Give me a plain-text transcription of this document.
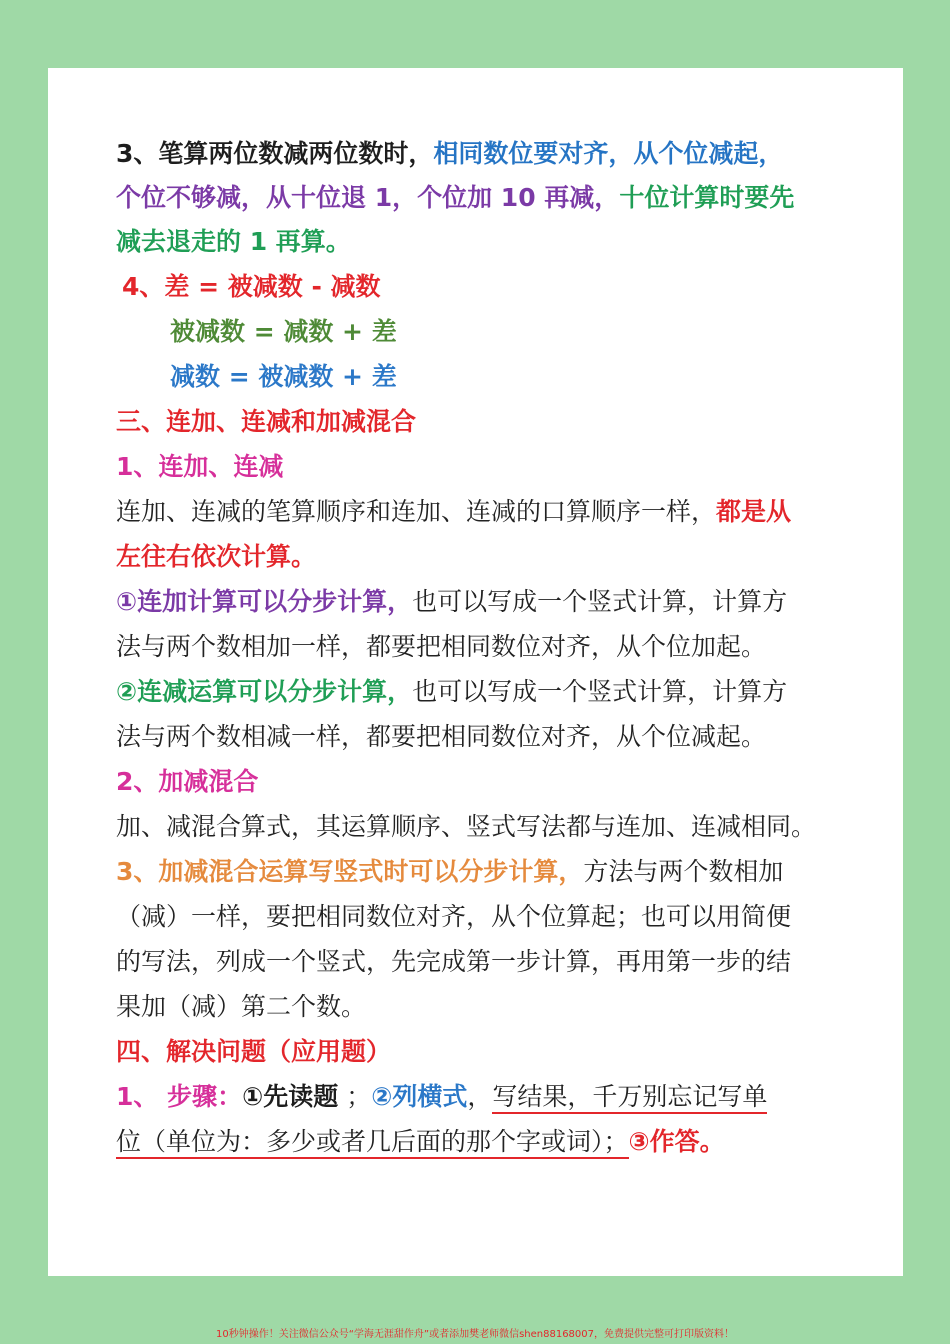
3、笔算两位数减两位数时，相同数位要对齐，从个位减起，
个位不够减，从十位退 1，个位加 10 再减，十位计算时要先
减去退走的 1 再算。
4、差 = 被减数 - 减数
被减数 = 减数 + 差
减数 = 被减数 + 差
三、连加、连减和加减混合
1、连加、连减
连加、连减的笔算顺序和连加、连减的口算顺序一样，都是从
左往右依次计算。
①连加计算可以分步计算，也可以写成一个竖式计算，计算方
法与两个数相加一样，都要把相同数位对齐，从个位加起。
②连减运算可以分步计算，也可以写成一个竖式计算，计算方
法与两个数相减一样，都要把相同数位对齐，从个位减起。
2、加减混合
加、减混合算式，其运算顺序、竖式写法都与连加、连减相同。
3、加减混合运算写竖式时可以分步计算，方法与两个数相加
（减）一样，要把相同数位对齐，从个位算起；也可以用简便
的写法，列成一个竖式，先完成第一步计算，再用第一步的结
果加（减）第二个数。
四、解决问题（应用题）
1、 步骤：①先读题 ；②列横式，写结果，千万别忘记写单
位（单位为：多少或者几后面的那个字或词）；③作答。
10秒钟操作！关注微信公众号“学海无涯甜作舟”或者添加樊老师微信shen88168007，免费提供完整可打印版资料！
